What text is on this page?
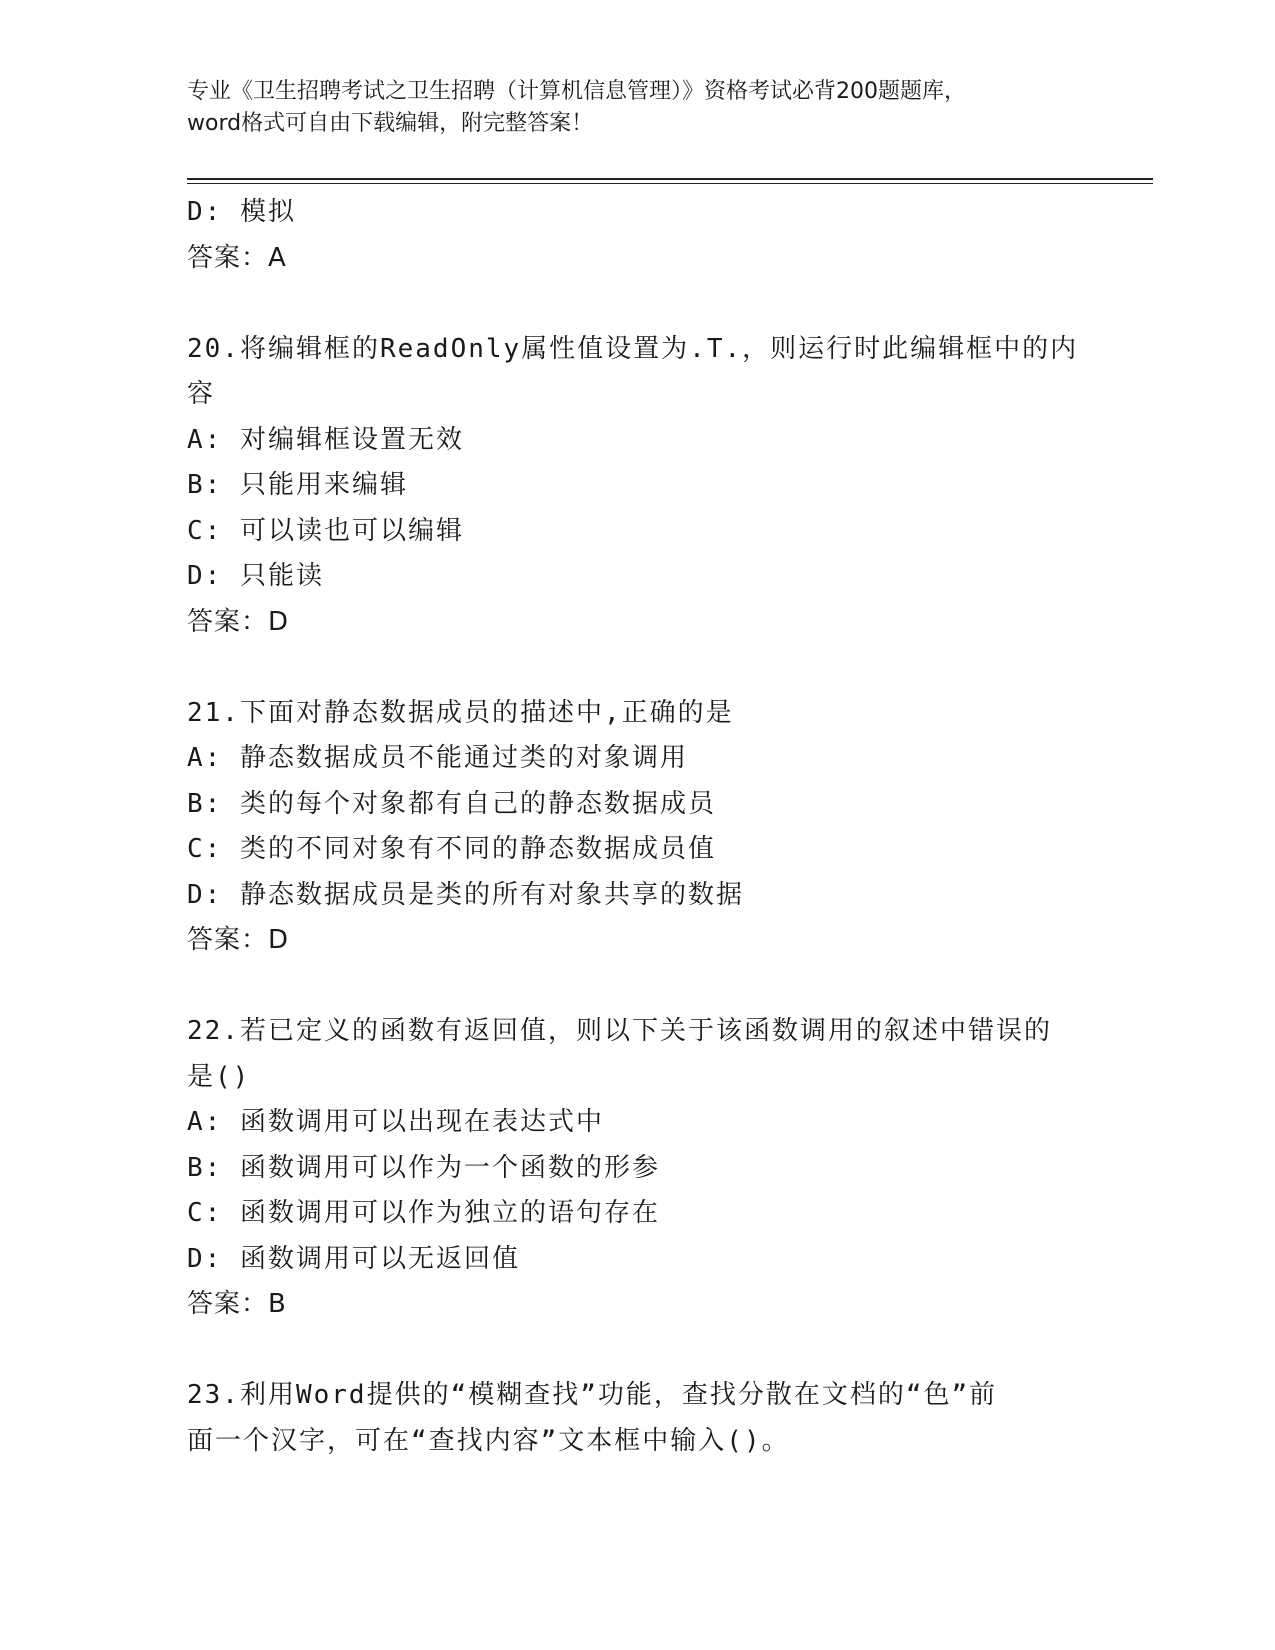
专业《卫生招聘考试之卫生招聘（计算机信息管理）》资格考试必背200题题库，
word格式可自由下载编辑，附完整答案！
D: 模拟
答案：A
20.将编辑框的ReadOnly属性值设置为.T.，则运行时此编辑框中的内
容
A: 对编辑框设置无效
B: 只能用来编辑
C: 可以读也可以编辑
D: 只能读
答案：D
21.下面对静态数据成员的描述中,正确的是
A: 静态数据成员不能通过类的对象调用
B: 类的每个对象都有自己的静态数据成员
C: 类的不同对象有不同的静态数据成员值
D: 静态数据成员是类的所有对象共享的数据
答案：D
22.若已定义的函数有返回值，则以下关于该函数调用的叙述中错误的
是()
A: 函数调用可以出现在表达式中
B: 函数调用可以作为一个函数的形参
C: 函数调用可以作为独立的语句存在
D: 函数调用可以无返回值
答案：B
23.利用Word提供的“模糊查找”功能，查找分散在文档的“色”前
面一个汉字，可在“查找内容”文本框中输入()。
